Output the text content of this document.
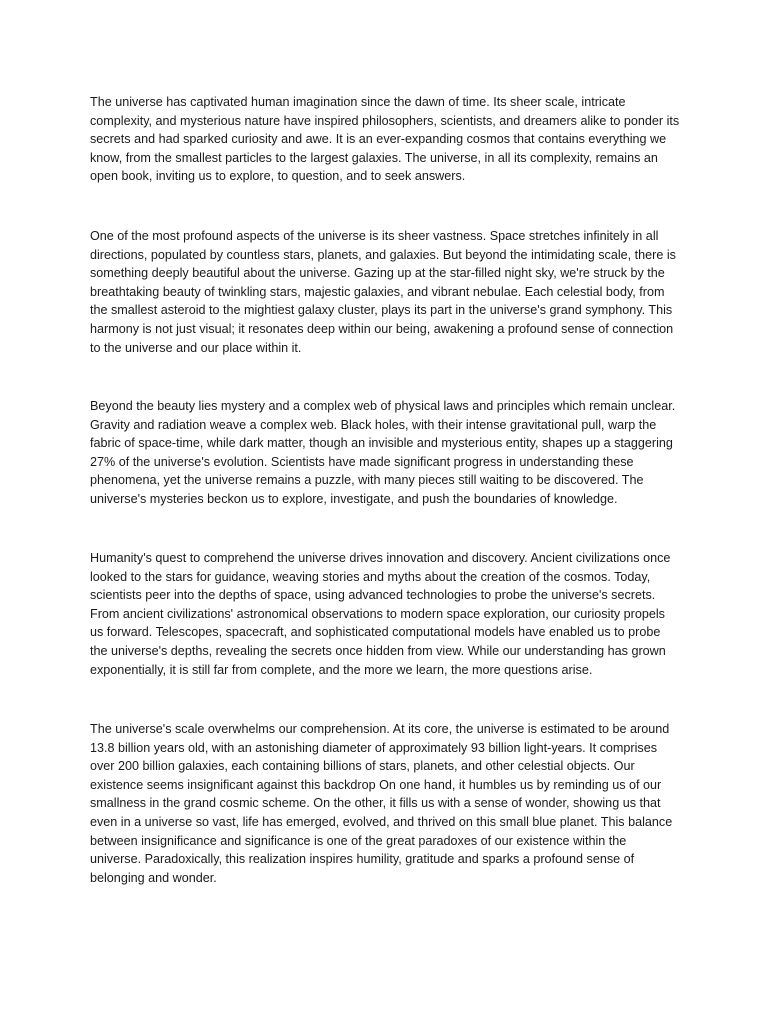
The universe has captivated human imagination since the dawn of time. Its sheer scale, intricate complexity, and mysterious nature have inspired philosophers, scientists, and dreamers alike to ponder its secrets and had sparked curiosity and awe. It is an ever-expanding cosmos that contains everything we know, from the smallest particles to the largest galaxies. The universe, in all its complexity, remains an open book, inviting us to explore, to question, and to seek answers.

One of the most profound aspects of the universe is its sheer vastness. Space stretches infinitely in all directions, populated by countless stars, planets, and galaxies. But beyond the intimidating scale, there is something deeply beautiful about the universe. Gazing up at the star-filled night sky, we're struck by the breathtaking beauty of twinkling stars, majestic galaxies, and vibrant nebulae. Each celestial body, from the smallest asteroid to the mightiest galaxy cluster, plays its part in the universe's grand symphony. This harmony is not just visual; it resonates deep within our being, awakening a profound sense of connection to the universe and our place within it.

Beyond the beauty lies mystery and a complex web of physical laws and principles which remain unclear. Gravity and radiation weave a complex web. Black holes, with their intense gravitational pull, warp the fabric of space-time, while dark matter, though an invisible and mysterious entity, shapes up a staggering 27% of the universe's evolution. Scientists have made significant progress in understanding these phenomena, yet the universe remains a puzzle, with many pieces still waiting to be discovered. The universe's mysteries beckon us to explore, investigate, and push the boundaries of knowledge.

Humanity's quest to comprehend the universe drives innovation and discovery. Ancient civilizations once looked to the stars for guidance, weaving stories and myths about the creation of the cosmos. Today, scientists peer into the depths of space, using advanced technologies to probe the universe's secrets. From ancient civilizations' astronomical observations to modern space exploration, our curiosity propels us forward. Telescopes, spacecraft, and sophisticated computational models have enabled us to probe the universe's depths, revealing the secrets once hidden from view. While our understanding has grown exponentially, it is still far from complete, and the more we learn, the more questions arise.

The universe's scale overwhelms our comprehension. At its core, the universe is estimated to be around 13.8 billion years old, with an astonishing diameter of approximately 93 billion light-years. It comprises over 200 billion galaxies, each containing billions of stars, planets, and other celestial objects. Our existence seems insignificant against this backdrop On one hand, it humbles us by reminding us of our smallness in the grand cosmic scheme. On the other, it fills us with a sense of wonder, showing us that even in a universe so vast, life has emerged, evolved, and thrived on this small blue planet. This balance between insignificance and significance is one of the great paradoxes of our existence within the universe. Paradoxically, this realization inspires humility, gratitude and sparks a profound sense of belonging and wonder.
